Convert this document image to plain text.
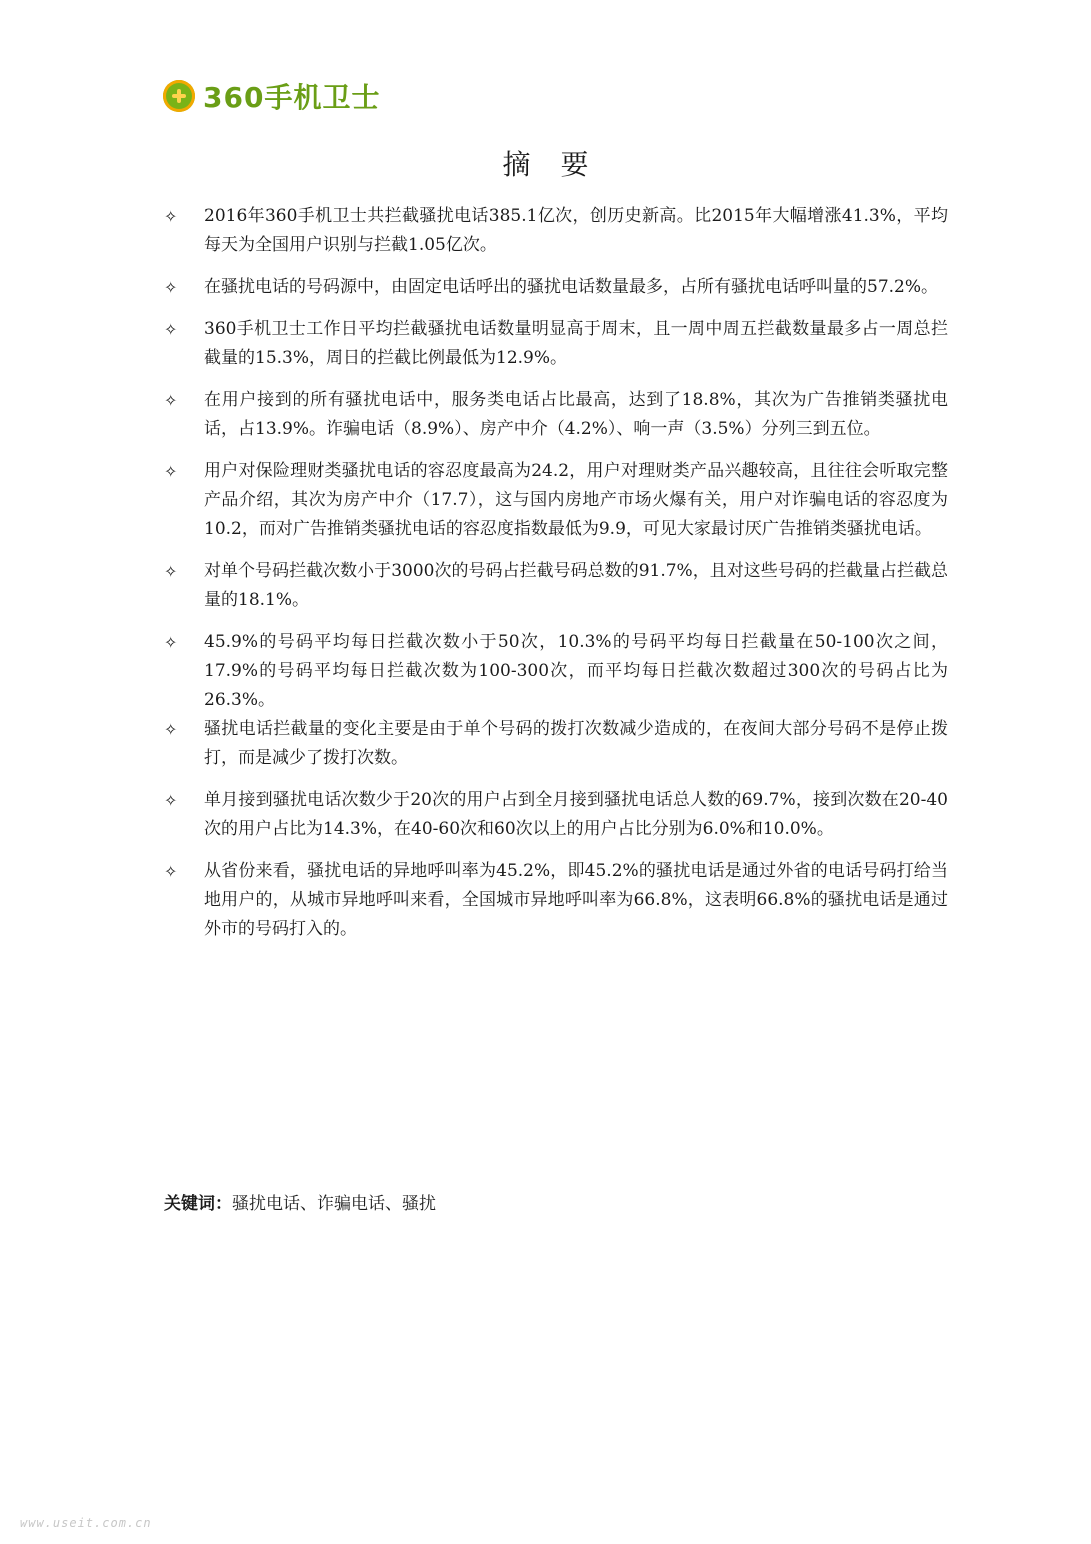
360手机卫士
摘要
✧ 2016年360手机卫士共拦截骚扰电话385.1亿次，创历史新高。比2015年大幅增涨41.3%，平均每天为全国用户识别与拦截1.05亿次。
✧ 在骚扰电话的号码源中，由固定电话呼出的骚扰电话数量最多，占所有骚扰电话呼叫量的57.2%。
✧ 360手机卫士工作日平均拦截骚扰电话数量明显高于周末，且一周中周五拦截数量最多占一周总拦截量的15.3%，周日的拦截比例最低为12.9%。
✧ 在用户接到的所有骚扰电话中，服务类电话占比最高，达到了18.8%，其次为广告推销类骚扰电话，占13.9%。诈骗电话（8.9%）、房产中介（4.2%）、响一声（3.5%）分列三到五位。
✧ 用户对保险理财类骚扰电话的容忍度最高为24.2，用户对理财类产品兴趣较高，且往往会听取完整产品介绍，其次为房产中介（17.7），这与国内房地产市场火爆有关，用户对诈骗电话的容忍度为10.2，而对广告推销类骚扰电话的容忍度指数最低为9.9，可见大家最讨厌广告推销类骚扰电话。
✧ 对单个号码拦截次数小于3000次的号码占拦截号码总数的91.7%，且对这些号码的拦截量占拦截总量的18.1%。
✧ 45.9%的号码平均每日拦截次数小于50次，10.3%的号码平均每日拦截量在50-100次之间，17.9%的号码平均每日拦截次数为100-300次，而平均每日拦截次数超过300次的号码占比为26.3%。
✧ 骚扰电话拦截量的变化主要是由于单个号码的拨打次数减少造成的，在夜间大部分号码不是停止拨打，而是减少了拨打次数。
✧ 单月接到骚扰电话次数少于20次的用户占到全月接到骚扰电话总人数的69.7%，接到次数在20-40次的用户占比为14.3%，在40-60次和60次以上的用户占比分别为6.0%和10.0%。
✧ 从省份来看，骚扰电话的异地呼叫率为45.2%，即45.2%的骚扰电话是通过外省的电话号码打给当地用户的，从城市异地呼叫来看，全国城市异地呼叫率为66.8%，这表明66.8%的骚扰电话是通过外市的号码打入的。
关键词：骚扰电话、诈骗电话、骚扰
www.useit.com.cn
